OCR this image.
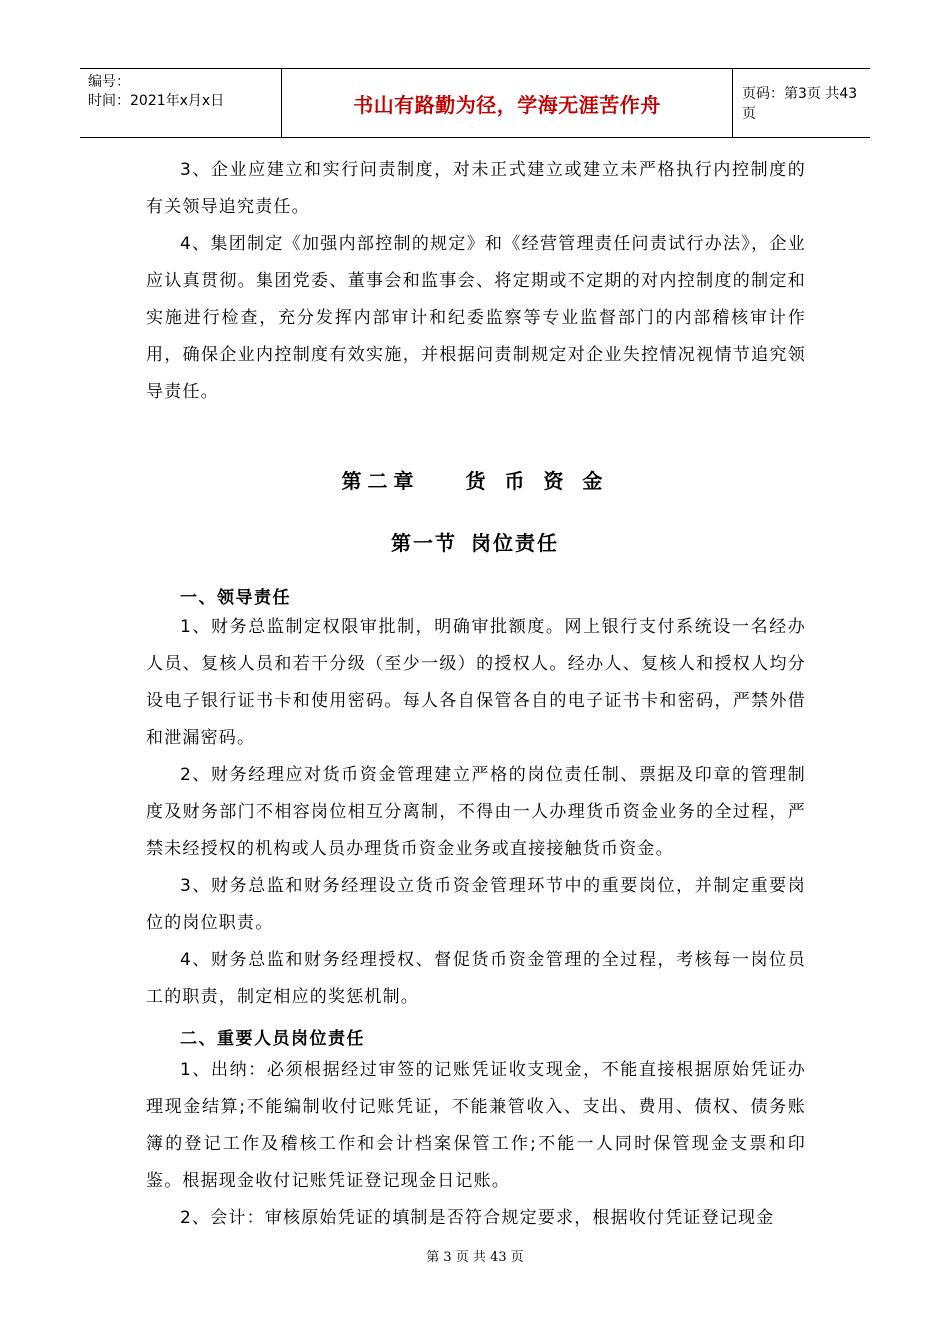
编号：
时间：2021年x月x日	书山有路勤为径，学海无涯苦作舟	页码：第3页 共43页
3、企业应建立和实行问责制度，对未正式建立或建立未严格执行内控制度的有关领导追究责任。
4、集团制定《加强内部控制的规定》和《经营管理责任问责试行办法》，企业应认真贯彻。集团党委、董事会和监事会、将定期或不定期的对内控制度的制定和实施进行检查，充分发挥内部审计和纪委监察等专业监督部门的内部稽核审计作用，确保企业内控制度有效实施，并根据问责制规定对企业失控情况视情节追究领导责任。
第二章 货 币 资 金
第一节 岗位责任
一、领导责任
1、财务总监制定权限审批制，明确审批额度。网上银行支付系统设一名经办人员、复核人员和若干分级（至少一级）的授权人。经办人、复核人和授权人均分设电子银行证书卡和使用密码。每人各自保管各自的电子证书卡和密码，严禁外借和泄漏密码。
2、财务经理应对货币资金管理建立严格的岗位责任制、票据及印章的管理制度及财务部门不相容岗位相互分离制，不得由一人办理货币资金业务的全过程，严禁未经授权的机构或人员办理货币资金业务或直接接触货币资金。
3、财务总监和财务经理设立货币资金管理环节中的重要岗位，并制定重要岗位的岗位职责。
4、财务总监和财务经理授权、督促货币资金管理的全过程，考核每一岗位员工的职责，制定相应的奖惩机制。
二、重要人员岗位责任
1、出纳：必须根据经过审签的记账凭证收支现金，不能直接根据原始凭证办理现金结算;不能编制收付记账凭证，不能兼管收入、支出、费用、债权、债务账簿的登记工作及稽核工作和会计档案保管工作;不能一人同时保管现金支票和印鉴。根据现金收付记账凭证登记现金日记账。
2、会计：审核原始凭证的填制是否符合规定要求，根据收付凭证登记现金
第 3 页 共 43 页
